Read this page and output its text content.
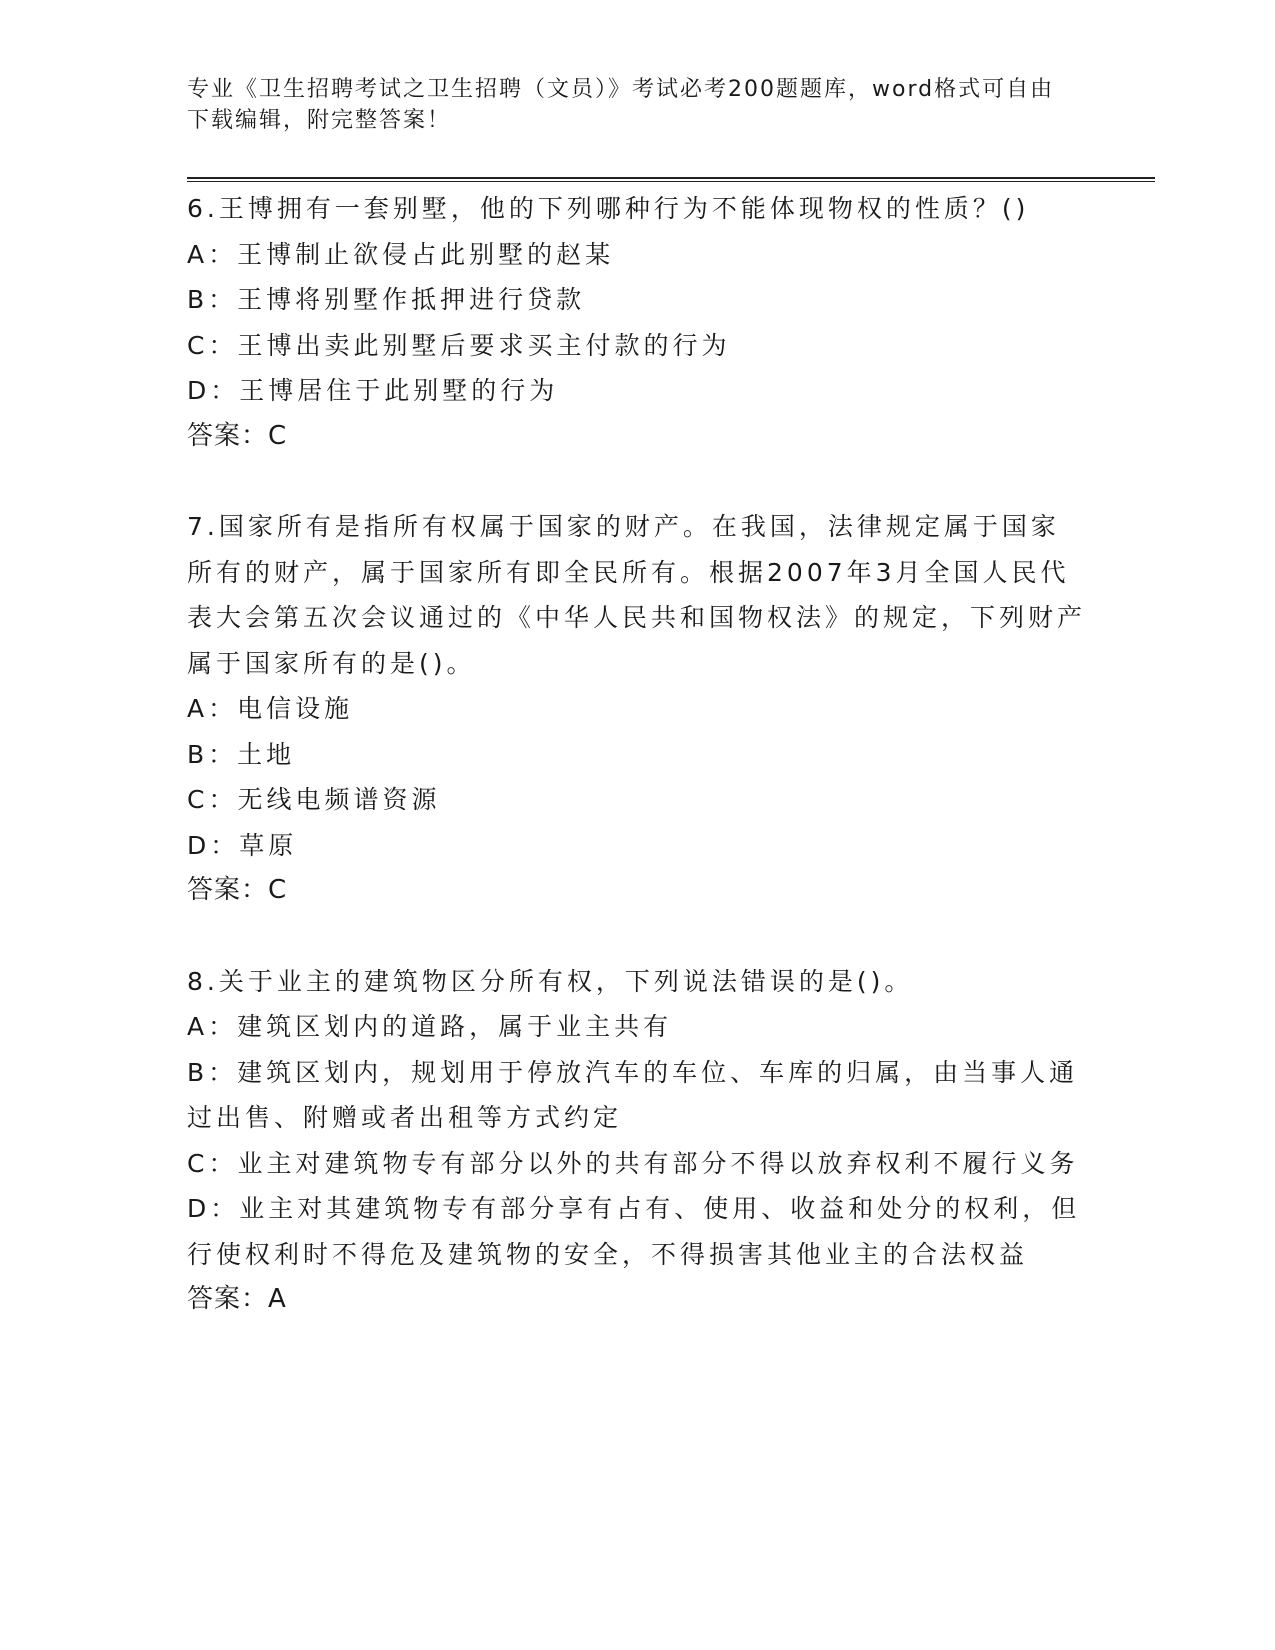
专业《卫生招聘考试之卫生招聘（文员）》考试必考200题题库，word格式可自由下载编辑，附完整答案！
6.王博拥有一套别墅，他的下列哪种行为不能体现物权的性质？()
A：王博制止欲侵占此别墅的赵某
B：王博将别墅作抵押进行贷款
C：王博出卖此别墅后要求买主付款的行为
D：王博居住于此别墅的行为
答案：C
7.国家所有是指所有权属于国家的财产。在我国，法律规定属于国家所有的财产，属于国家所有即全民所有。根据2007年3月全国人民代表大会第五次会议通过的《中华人民共和国物权法》的规定，下列财产属于国家所有的是()。
A：电信设施
B：土地
C：无线电频谱资源
D：草原
答案：C
8.关于业主的建筑物区分所有权，下列说法错误的是()。
A：建筑区划内的道路，属于业主共有
B：建筑区划内，规划用于停放汽车的车位、车库的归属，由当事人通过出售、附赠或者出租等方式约定
C：业主对建筑物专有部分以外的共有部分不得以放弃权利不履行义务
D：业主对其建筑物专有部分享有占有、使用、收益和处分的权利，但行使权利时不得危及建筑物的安全，不得损害其他业主的合法权益
答案：A
